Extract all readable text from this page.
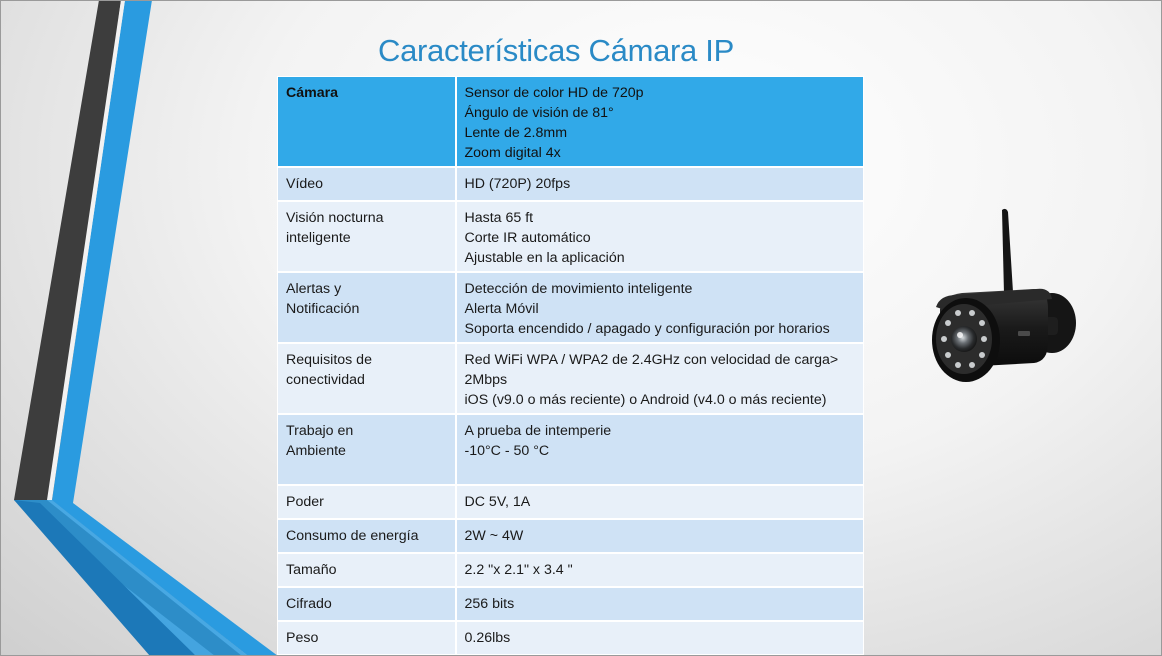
Características Cámara IP
Cámara	Sensor de color HD de 720p
Ángulo de visión de 81°
Lente de 2.8mm
Zoom digital 4x

Vídeo	HD (720P) 20fps

Visión nocturna
inteligente	Hasta 65 ft
Corte IR automático
Ajustable en la aplicación

Alertas y
Notificación	Detección de movimiento inteligente
Alerta Móvil
Soporta encendido / apagado y configuración por horarios

Requisitos de
conectividad	Red WiFi WPA / WPA2 de 2.4GHz con velocidad de carga>
2Mbps
iOS (v9.0 o más reciente) o Android (v4.0 o más reciente)

Trabajo en
Ambiente	A prueba de intemperie
-10°C - 50 °C

Poder	DC 5V, 1A

Consumo de energía	2W ~ 4W

Tamaño	2.2 "x 2.1" x 3.4 "

Cifrado	256 bits

Peso	0.26lbs
